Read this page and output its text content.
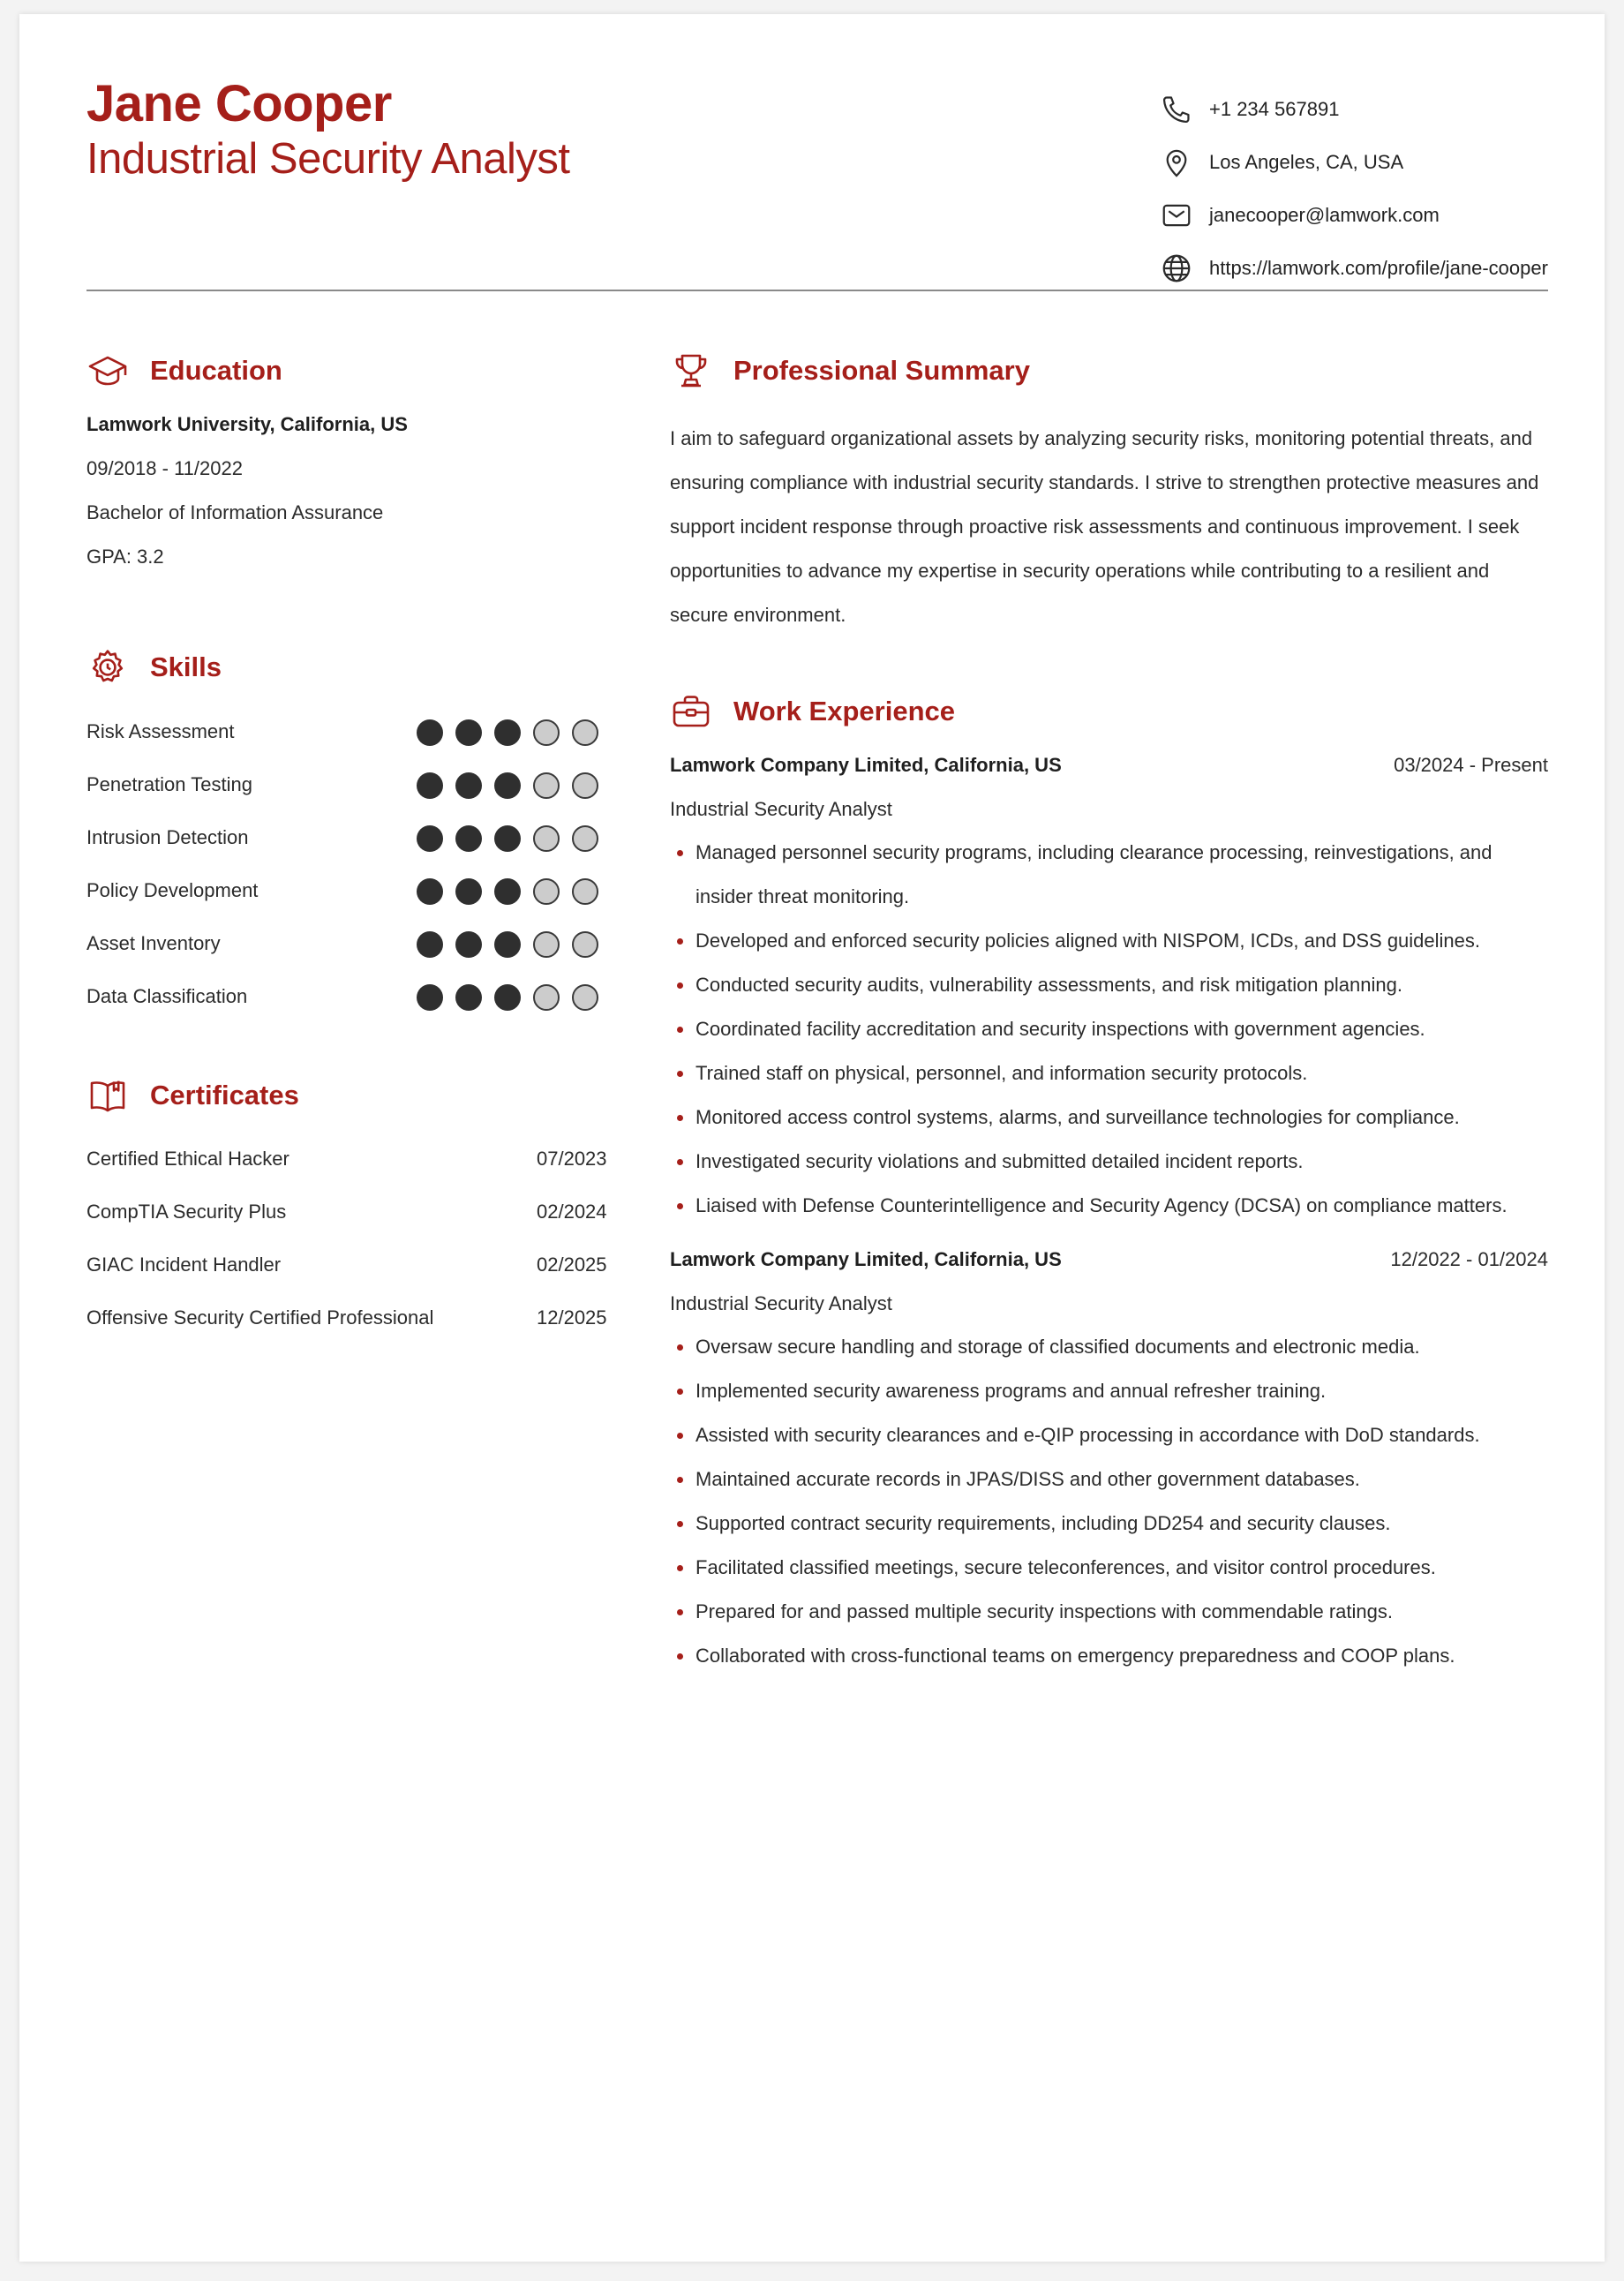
Jane Cooper
Industrial Security Analyst
+1 234 567891
Los Angeles, CA, USA
janecooper@lamwork.com
https://lamwork.com/profile/jane-cooper
Education
Lamwork University, California, US
09/2018 - 11/2022
Bachelor of Information Assurance
GPA: 3.2
Skills
Risk Assessment
Penetration Testing
Intrusion Detection
Policy Development
Asset Inventory
Data Classification
Certificates
Certified Ethical Hacker	07/2023
CompTIA Security Plus	02/2024
GIAC Incident Handler	02/2025
Offensive Security Certified Professional	12/2025
Professional Summary

I aim to safeguard organizational assets by analyzing security risks, monitoring potential threats, and ensuring compliance with industrial security standards. I strive to strengthen protective measures and support incident response through proactive risk assessments and continuous improvement. I seek opportunities to advance my expertise in security operations while contributing to a resilient and secure environment.

Work Experience
Lamwork Company Limited, California, US	03/2024 - Present
Industrial Security Analyst
Managed personnel security programs, including clearance processing, reinvestigations, and insider threat monitoring.
Developed and enforced security policies aligned with NISPOM, ICDs, and DSS guidelines.
Conducted security audits, vulnerability assessments, and risk mitigation planning.
Coordinated facility accreditation and security inspections with government agencies.
Trained staff on physical, personnel, and information security protocols.
Monitored access control systems, alarms, and surveillance technologies for compliance.
Investigated security violations and submitted detailed incident reports.
Liaised with Defense Counterintelligence and Security Agency (DCSA) on compliance matters.
Lamwork Company Limited, California, US	12/2022 - 01/2024
Industrial Security Analyst
Oversaw secure handling and storage of classified documents and electronic media.
Implemented security awareness programs and annual refresher training.
Assisted with security clearances and e-QIP processing in accordance with DoD standards.
Maintained accurate records in JPAS/DISS and other government databases.
Supported contract security requirements, including DD254 and security clauses.
Facilitated classified meetings, secure teleconferences, and visitor control procedures.
Prepared for and passed multiple security inspections with commendable ratings.
Collaborated with cross-functional teams on emergency preparedness and COOP plans.
